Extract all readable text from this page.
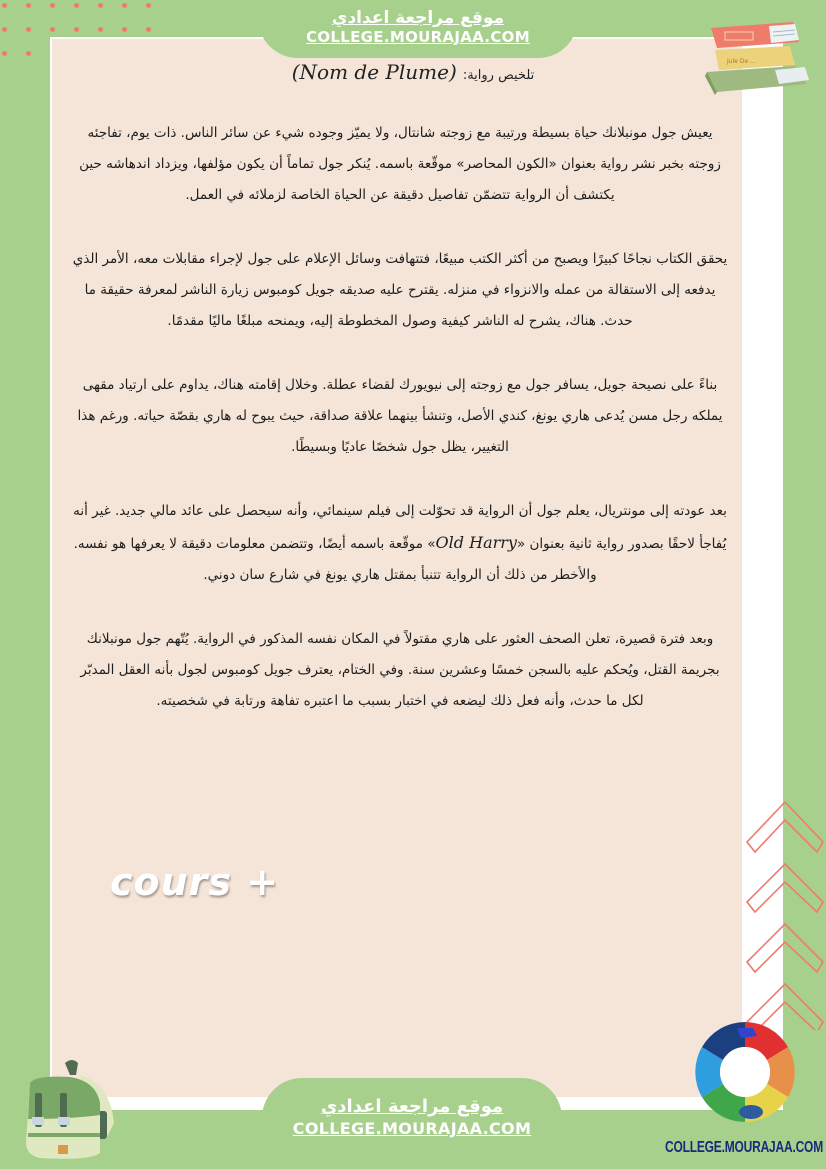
موقع مراجعة اعدادي
COLLEGE.MOURAJAA.COM
Jule De ...
تلخيص رواية: (Nom de Plume)

يعيش جول مونبلانك حياة بسيطة ورتيبة مع زوجته شانتال، ولا يميّز وجوده شيء عن سائر الناس. ذات يوم، تفاجئه زوجته بخبر نشر رواية بعنوان «الكون المحاصر» موقّعة باسمه. يُنكر جول تماماً أن يكون مؤلفها، ويزداد اندهاشه حين يكتشف أن الرواية تتضمّن تفاصيل دقيقة عن الحياة الخاصة لزملائه في العمل.

يحقق الكتاب نجاحًا كبيرًا ويصبح من أكثر الكتب مبيعًا، فتتهافت وسائل الإعلام على جول لإجراء مقابلات معه، الأمر الذي يدفعه إلى الاستقالة من عمله والانزواء في منزله. يقترح عليه صديقه جويل كومبوس زيارة الناشر لمعرفة حقيقة ما حدث. هناك، يشرح له الناشر كيفية وصول المخطوطة إليه، ويمنحه مبلغًا ماليًا مقدمًا.

بناءً على نصيحة جويل، يسافر جول مع زوجته إلى نيويورك لقضاء عطلة. وخلال إقامته هناك، يداوم على ارتياد مقهى يملكه رجل مسن يُدعى هاري يونغ، كندي الأصل، وتنشأ بينهما علاقة صداقة، حيث يبوح له هاري بقصّة حياته. ورغم هذا التغيير، يظل جول شخصًا عاديًا وبسيطًا.

بعد عودته إلى مونتريال، يعلم جول أن الرواية قد تحوّلت إلى فيلم سينمائي، وأنه سيحصل على عائد مالي جديد. غير أنه يُفاجأ لاحقًا بصدور رواية ثانية بعنوان «Old Harry» موقّعة باسمه أيضًا، وتتضمن معلومات دقيقة لا يعرفها هو نفسه. والأخطر من ذلك أن الرواية تتنبأ بمقتل هاري يونغ في شارع سان دوني.

وبعد فترة قصيرة، تعلن الصحف العثور على هاري مقتولاً في المكان نفسه المذكور في الرواية. يُتّهم جول مونبلانك بجريمة القتل، ويُحكم عليه بالسجن خمسًا وعشرين سنة. وفي الختام، يعترف جويل كومبوس لجول بأنه العقل المدبّر لكل ما حدث، وأنه فعل ذلك ليضعه في اختبار بسبب ما اعتبره تفاهة ورتابة في شخصيته.

cours +
موقع مراجعة اعدادي
COLLEGE.MOURAJAA.COM
COLLEGE.MOURAJAA.COM
